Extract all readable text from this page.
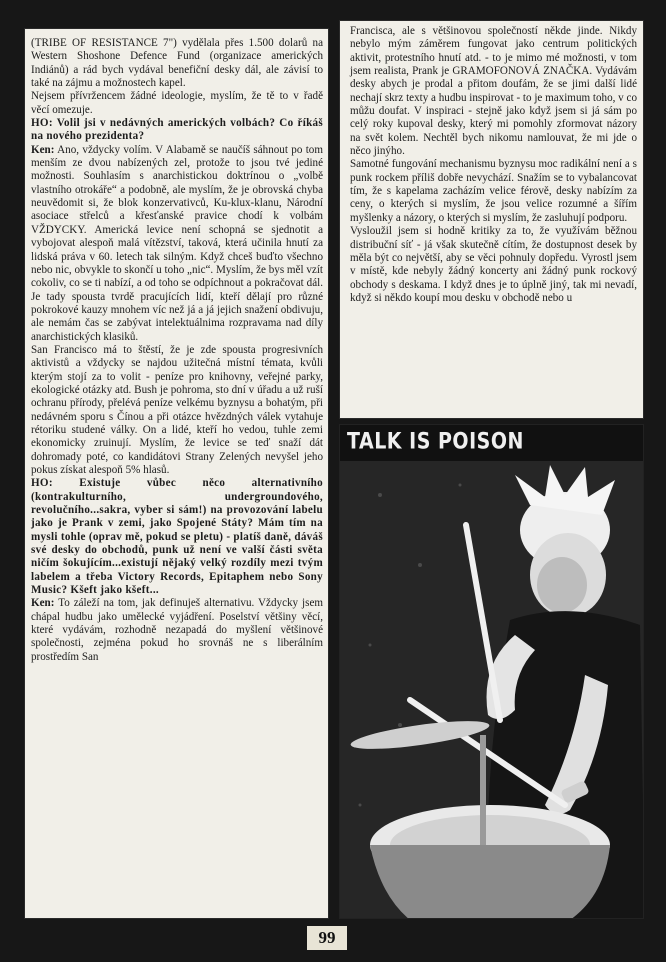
(TRIBE OF RESISTANCE 7") vydělala přes 1.500 dolarů na Western Shoshone Defence Fund (organizace amerických Indiánů) a rád bych vydával benefiční desky dál, ale závisí to také na zájmu a možnostech kapel.

Nejsem přívržencem žádné ideologie, myslím, že tě to v řadě věcí omezuje.

HO: Volil jsi v nedávných amerických volbách? Co říkáš na nového prezidenta?

Ken: Ano, vždycky volím. V Alabamě se naučíš sáhnout po tom menším ze dvou nabízených zel, protože to jsou tvé jediné možnosti. Souhlasím s anarchistickou doktrínou o „volbě vlastního otrokáře“ a podobně, ale myslím, že je obrovská chyba neuvědomit si, že blok konzervativců, Ku-klux-klanu, Národní asociace střelců a křesťanské pravice chodí k volbám VŽDYCKY. Americká levice není schopná se sjednotit a vybojovat alespoň malá vítězství, taková, která učinila hnutí za lidská práva v 60. letech tak silným. Když chceš buďto všechno nebo nic, obvykle to skončí u toho „nic“. Myslím, že bys měl vzít cokoliv, co se ti nabízí, a od toho se odpíchnout a pokračovat dál. Je tady spousta tvrdě pracujících lidí, kteří dělají pro různé pokrokové kauzy mnohem víc než já a já jejich snažení obdivuju, ale nemám čas se zabývat intelektuálnima rozpravama nad díly anarchistických klasiků.

San Francisco má to štěstí, že je zde spousta progresivních aktivistů a vždycky se najdou užitečná místní témata, kvůli kterým stojí za to volit - peníze pro knihovny, veřejné parky, ekologické otázky atd. Bush je pohroma, sto dní v úřadu a už ruší ochranu přírody, přelévá peníze velkému byznysu a bohatým, při nedávném sporu s Čínou a při otázce hvězdných válek vytahuje rétoriku studené války. On a lidé, kteří ho vedou, tuhle zemi ekonomicky zruinují. Myslím, že levice se teď snaží dát dohromady poté, co kandidátovi Strany Zelených nevyšel jeho pokus získat alespoň 5% hlasů.

HO: Existuje vůbec něco alternativního (kontrakulturního, undergroundového, revolučního...sakra, vyber si sám!) na provozování labelu jako je Prank v zemi, jako Spojené Státy? Mám tím na mysli tohle (oprav mě, pokud se pletu) - platíš daně, dáváš své desky do obchodů, punk už není ve valší části světa ničím šokujícím...existují nějaký velký rozdíly mezi tvým labelem a třeba Victory Records, Epitaphem nebo Sony Music? Kšeft jako kšeft...

Ken: To záleží na tom, jak definuješ alternativu. Vždycky jsem chápal hudbu jako umělecké vyjádření. Poselství většiny věcí, které vydávám, rozhodně nezapadá do myšlení většinové společnosti, zejména pokud ho srovnáš ne s liberálním prostředím San

Francisca, ale s většinovou společností někde jinde. Nikdy nebylo mým záměrem fungovat jako centrum politických aktivit, protestního hnutí atd. - to je mimo mé možnosti, v tom jsem realista, Prank je GRAMOFONOVÁ ZNAČKA. Vydávám desky abych je prodal a přitom doufám, že se jimi další lidé nechají skrz texty a hudbu inspirovat - to je maximum toho, v co můžu doufat. V inspiraci - stejně jako když jsem si já sám po celý roky kupoval desky, který mi pomohly zformovat názory na svět kolem. Nechtěl bych nikomu namlouvat, že mi jde o něco jinýho.

Samotné fungování mechanismu byznysu moc radikální není a s punk rockem příliš dobře nevychází. Snažím se to vybalancovat tím, že s kapelama zacházím velice férově, desky nabízím za ceny, o kterých si myslím, že jsou velice rozumné a šířím myšlenky a názory, o kterých si myslím, že zasluhují podporu.

Vysloužil jsem si hodně kritiky za to, že využívám běžnou distribuční síť - já však skutečně cítím, že dostupnost desek by měla být co největší, aby se věci pohnuly dopředu. Vyrostl jsem v místě, kde nebyly žádný koncerty ani žádný punk rockový obchody s deskama. I když dnes je to úplně jiný, tak mi nevadí, když si někdo koupí mou desku v obchodě nebo u

TALK IS POISON
99
